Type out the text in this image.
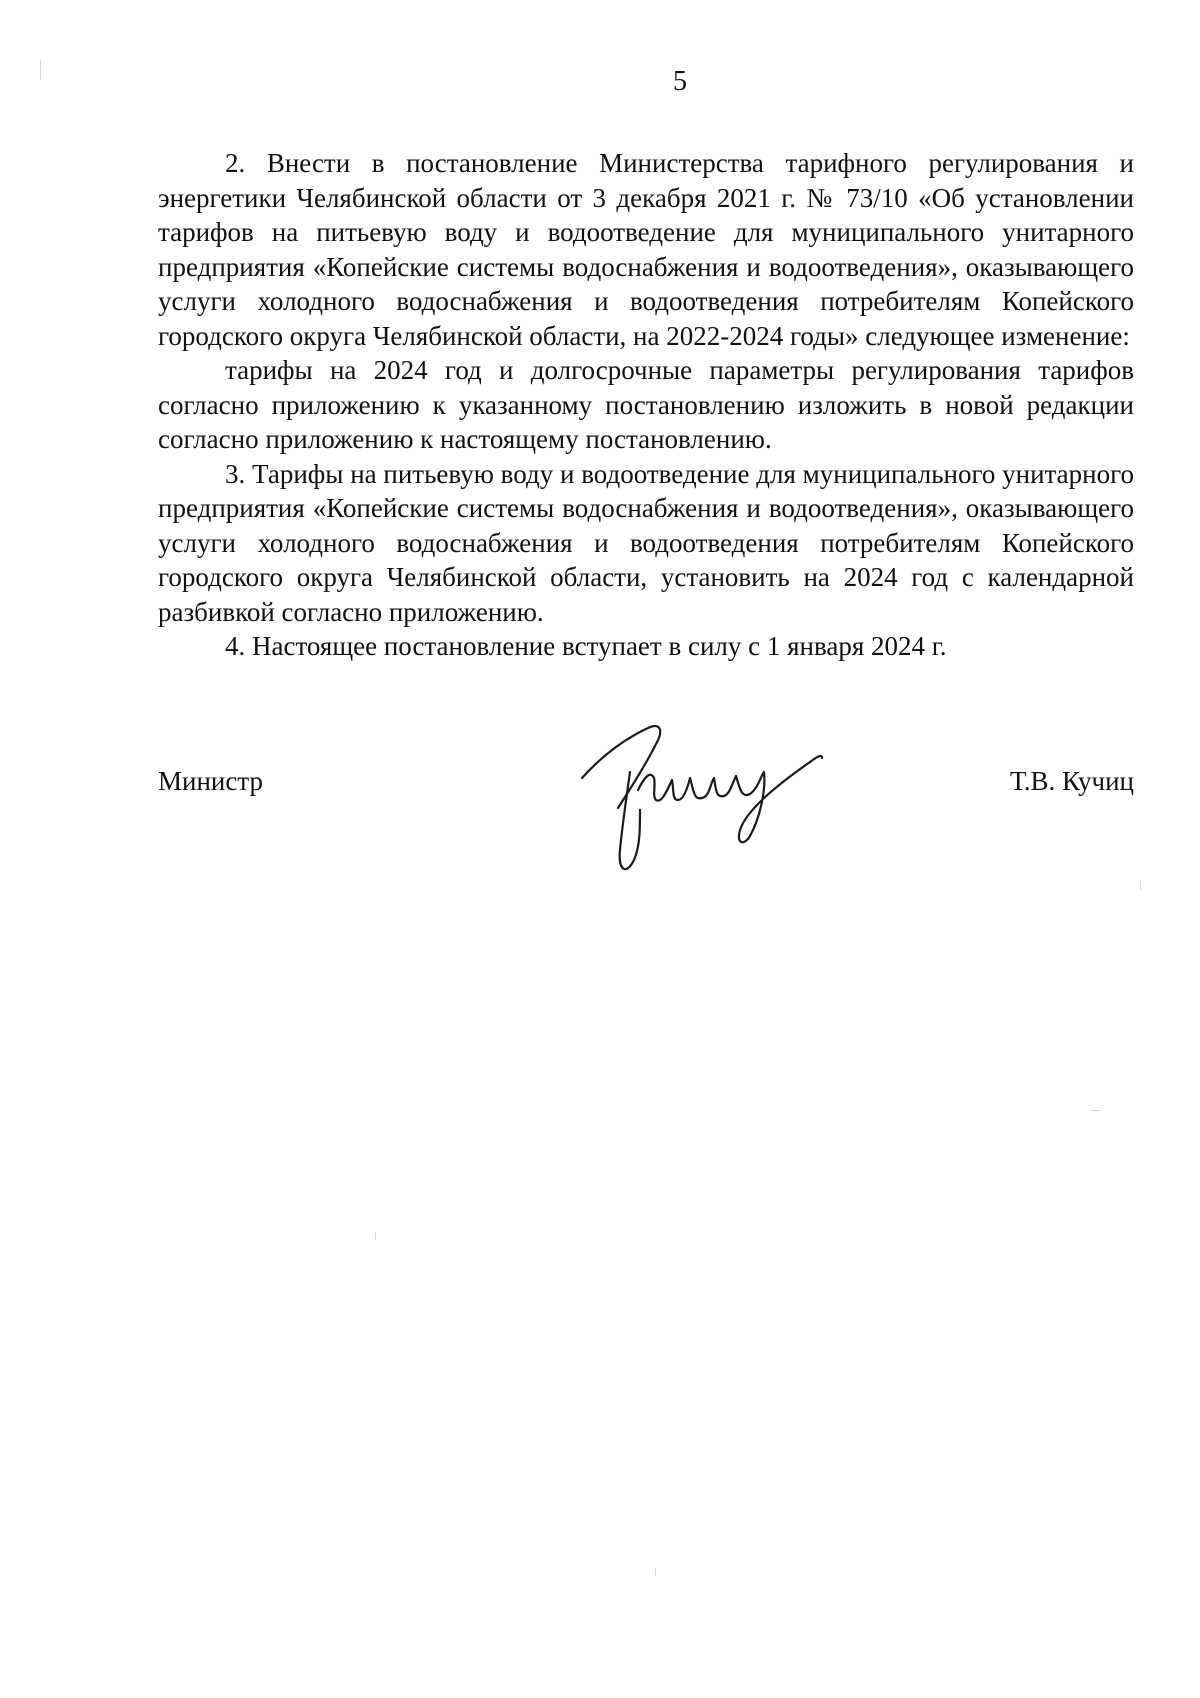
5

2. Внести в постановление Министерства тарифного регулирования и энергетики Челябинской области от 3 декабря 2021 г. № 73/10 «Об установлении тарифов на питьевую воду и водоотведение для муниципального унитарного предприятия «Копейские системы водоснабжения и водоотведения», оказывающего услуги холодного водоснабжения и водоотведения потребителям Копейского городского округа Челябинской области, на 2022-2024 годы» следующее изменение:

тарифы на 2024 год и долгосрочные параметры регулирования тарифов согласно приложению к указанному постановлению изложить в новой редакции согласно приложению к настоящему постановлению.

3. Тарифы на питьевую воду и водоотведение для муниципального унитарного предприятия «Копейские системы водоснабжения и водоотведения», оказывающего услуги холодного водоснабжения и водоотведения потребителям Копейского городского округа Челябинской области, установить на 2024 год с календарной разбивкой согласно приложению.

4. Настоящее постановление вступает в силу с 1 января 2024 г.

Министр	Т.В. Кучиц
